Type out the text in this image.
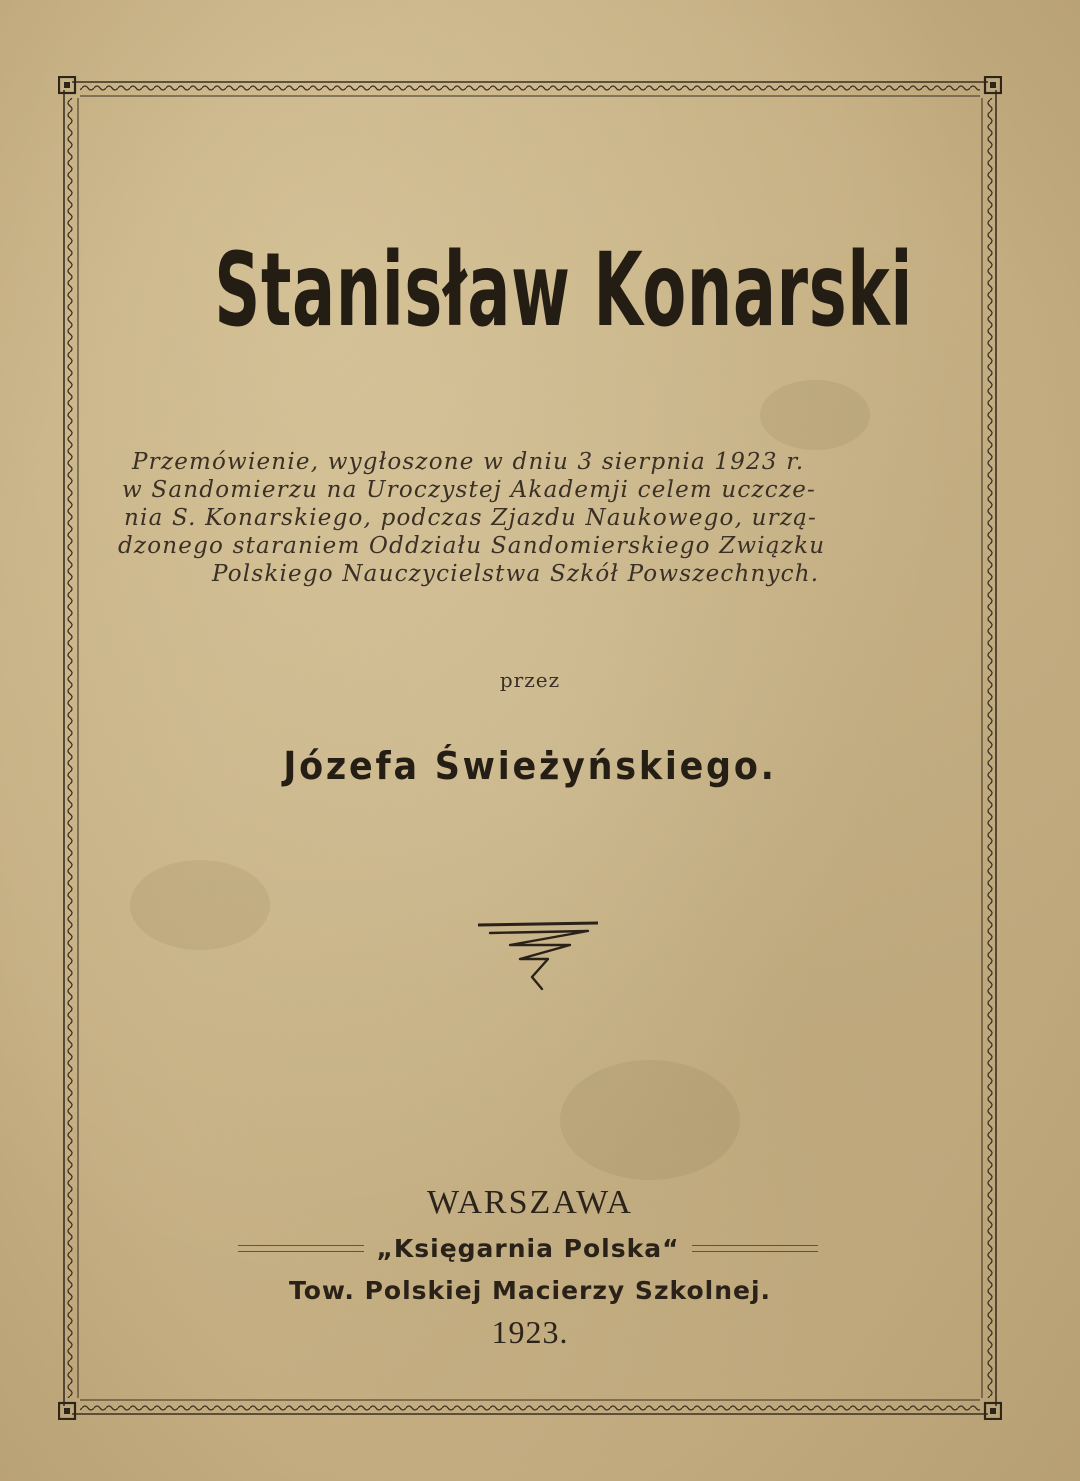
Stanisław Konarski
Przemówienie, wygłoszone w dniu 3 sierpnia 1923 r.
w Sandomierzu na Uroczystej Akademji celem uczcze-
nia S. Konarskiego, podczas Zjazdu Naukowego, urzą-
dzonego staraniem Oddziału Sandomierskiego Związku
Polskiego Nauczycielstwa Szkół Powszechnych.
przez
Józefa Świeżyńskiego.
WARSZAWA
„Księgarnia Polska“
Tow. Polskiej Macierzy Szkolnej.
1923.
